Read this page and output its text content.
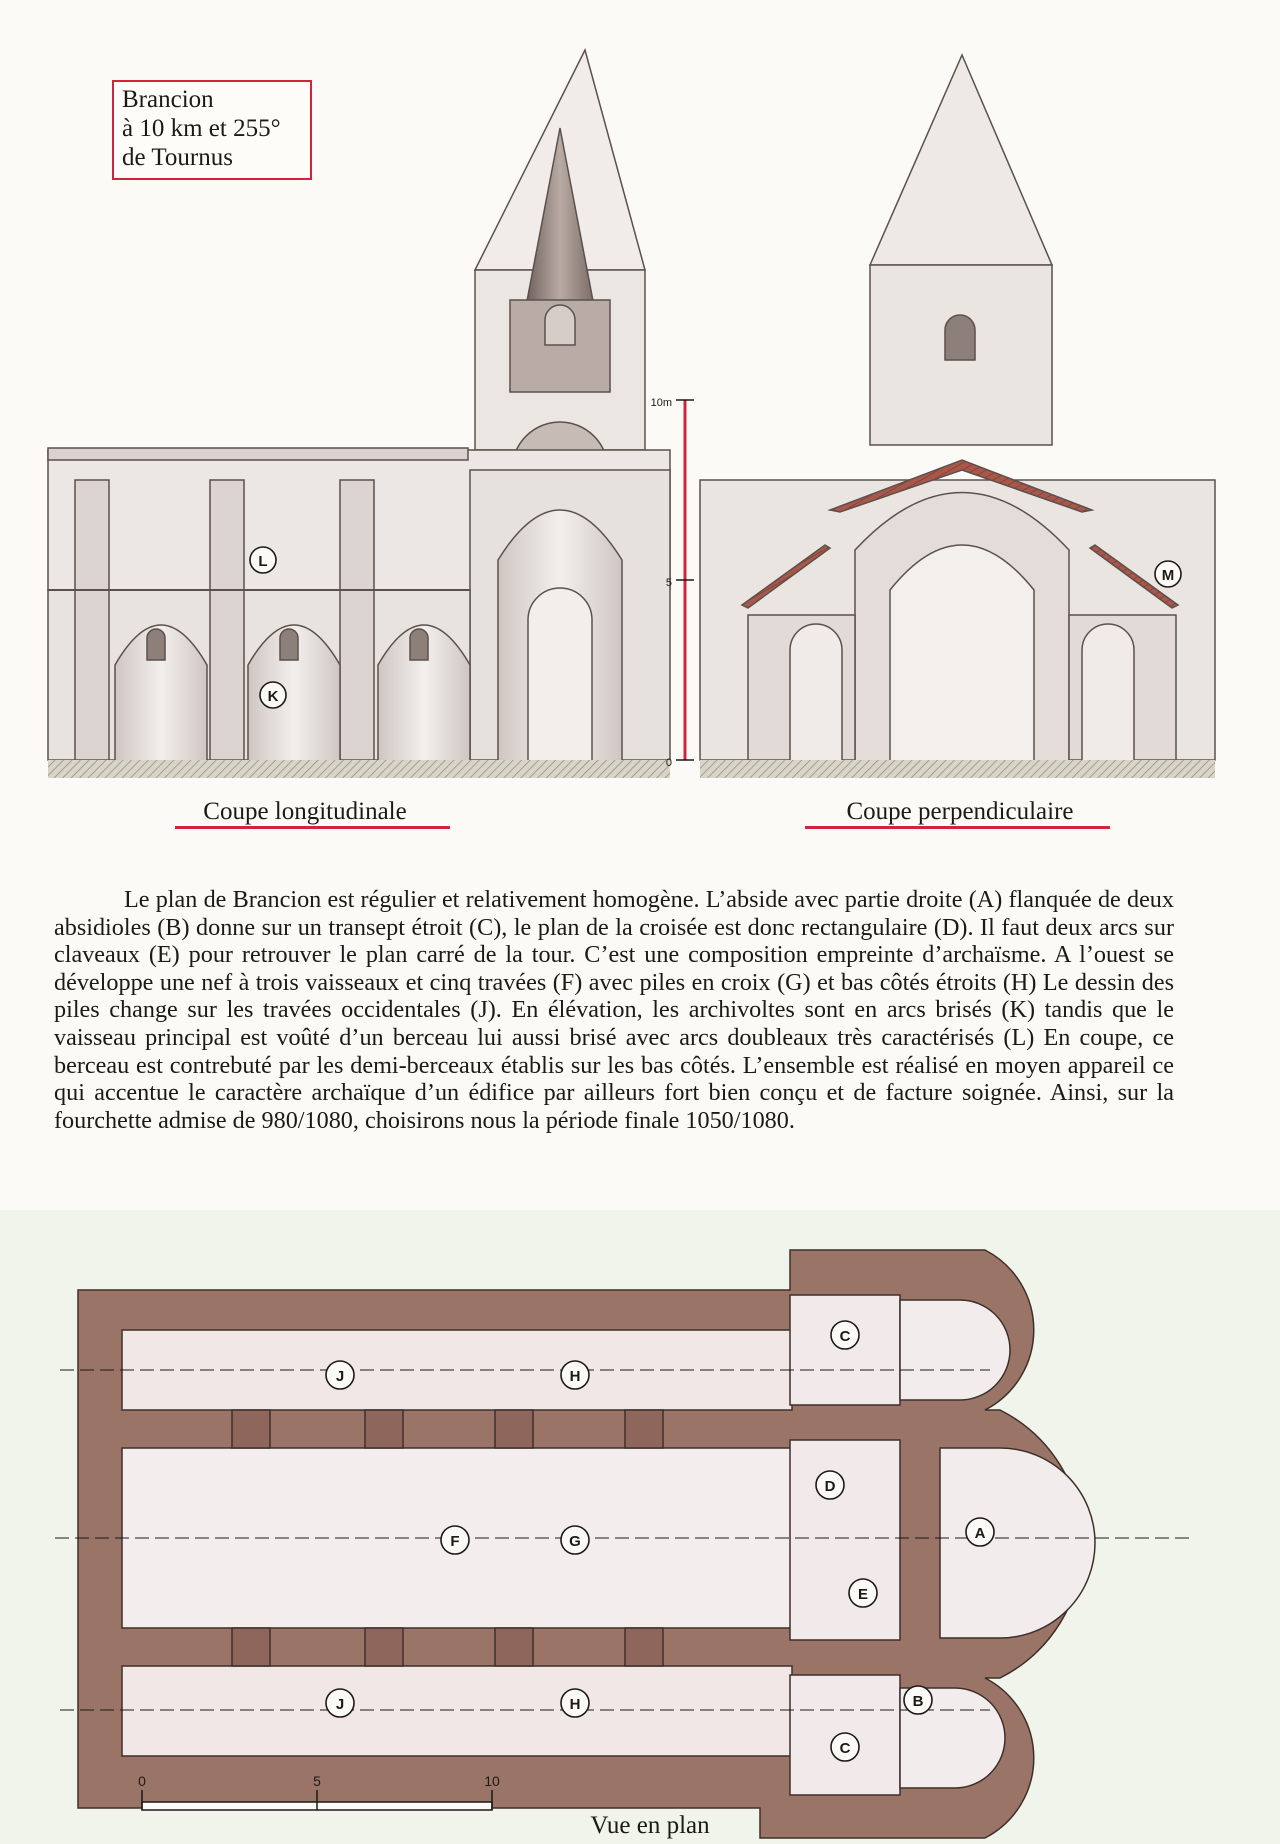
Brancion
à 10 km et 255°
de Tournus
10m
5
0
L
K
M
Coupe longitudinale	Coupe perpendiculaire

Le plan de Brancion est régulier et relativement homogène. L’abside avec partie droite (A) flanquée de deux absidioles (B) donne sur un transept étroit (C), le plan de la croisée est donc rectangulaire (D). Il faut deux arcs sur claveaux (E) pour retrouver le plan carré de la tour. C’est une composition empreinte d’archaïsme. A l’ouest se développe une nef à trois vaisseaux et cinq travées (F) avec piles en croix (G) et bas côtés étroits (H) Le dessin des piles change sur les travées occidentales (J). En élévation, les archivoltes sont en arcs brisés (K) tandis que le vaisseau principal est voûté d’un berceau lui aussi brisé avec arcs doubleaux très caractérisés (L) En coupe, ce berceau est contrebuté par les demi-berceaux établis sur les bas côtés. L’ensemble est réalisé en moyen appareil ce qui accentue le caractère archaïque d’un édifice par ailleurs fort bien conçu et de facture soignée. Ainsi, sur la fourchette admise de 980/1080, choisirons nous la période finale 1050/1080.

J	H
C
D
F	G	A
E
J	H
C
B
0	5	10
Vue en plan
